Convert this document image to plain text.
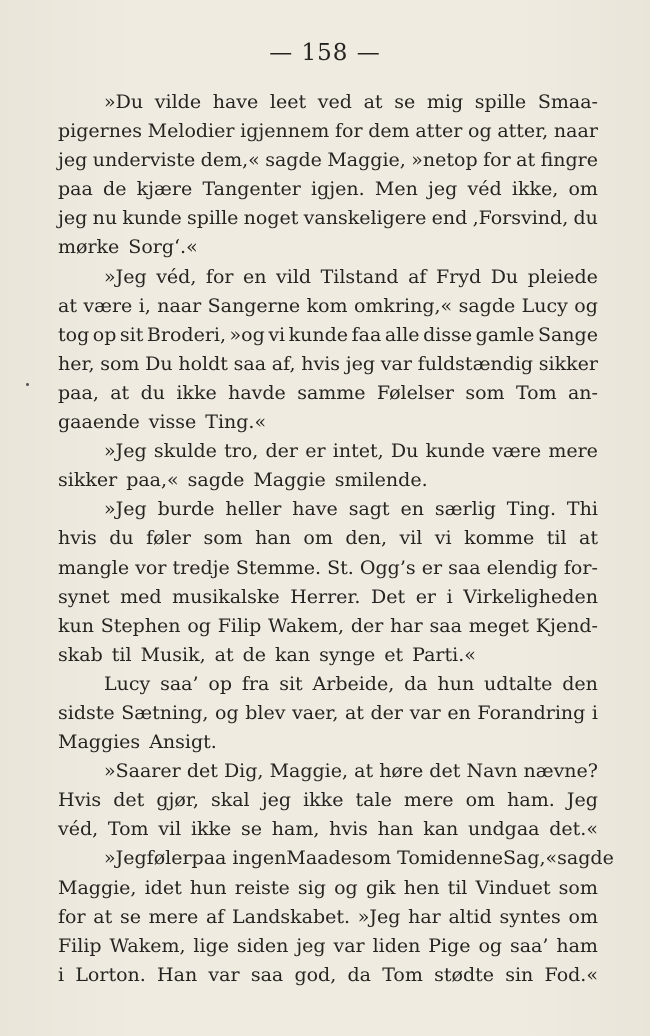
— 158 —
»Du vilde have leet ved at se mig spille Smaa-
pigernes Melodier igjennem for dem atter og atter, naar
jeg underviste dem,« sagde Maggie, »netop for at fingre
paa de kjære Tangenter igjen. Men jeg véd ikke, om
jeg nu kunde spille noget vanskeligere end ‚Forsvind, du
mørke Sorg‘.«
»Jeg véd, for en vild Tilstand af Fryd Du pleiede
at være i, naar Sangerne kom omkring,« sagde Lucy og
tog op sit Broderi, »og vi kunde faa alle disse gamle Sange
her, som Du holdt saa af, hvis jeg var fuldstændig sikker
paa, at du ikke havde samme Følelser som Tom an-
gaaende visse Ting.«
»Jeg skulde tro, der er intet, Du kunde være mere
sikker paa,« sagde Maggie smilende.
»Jeg burde heller have sagt en særlig Ting. Thi
hvis du føler som han om den, vil vi komme til at
mangle vor tredje Stemme. St. Ogg’s er saa elendig for-
synet med musikalske Herrer. Det er i Virkeligheden
kun Stephen og Filip Wakem, der har saa meget Kjend-
skab til Musik, at de kan synge et Parti.«
Lucy saa’ op fra sit Arbeide, da hun udtalte den
sidste Sætning, og blev vaer, at der var en Forandring i
Maggies Ansigt.
»Saarer det Dig, Maggie, at høre det Navn nævne?
Hvis det gjør, skal jeg ikke tale mere om ham. Jeg
véd, Tom vil ikke se ham, hvis han kan undgaa det.«
»Jeg føler paa ingen Maade som Tom i denne Sag,« sagde
Maggie, idet hun reiste sig og gik hen til Vinduet som
for at se mere af Landskabet. »Jeg har altid syntes om
Filip Wakem, lige siden jeg var liden Pige og saa’ ham
i Lorton. Han var saa god, da Tom stødte sin Fod.«
